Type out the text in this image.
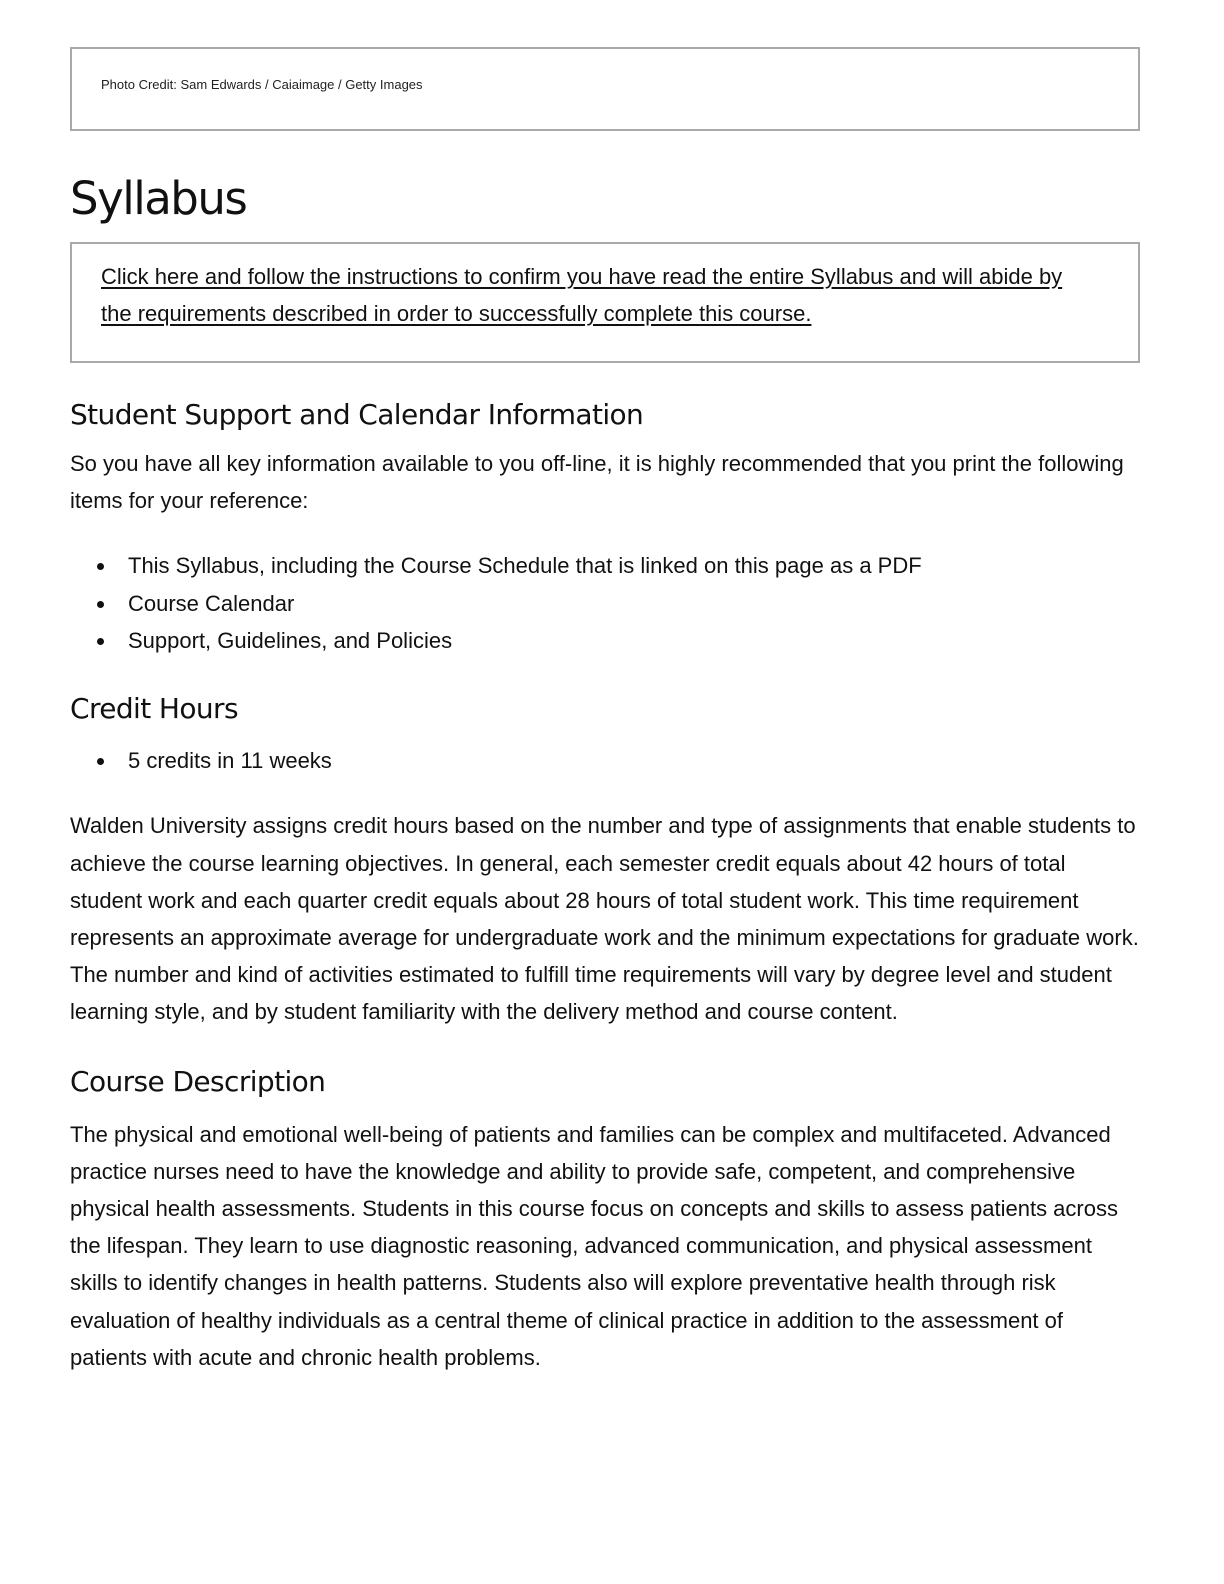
Photo Credit: Sam Edwards / Caiaimage / Getty Images
Syllabus
Click here and follow the instructions to confirm you have read the entire Syllabus and will abide by the requirements described in order to successfully complete this course.
Student Support and Calendar Information

So you have all key information available to you off-line, it is highly recommended that you print the following items for your reference:

This Syllabus, including the Course Schedule that is linked on this page as a PDF
Course Calendar
Support, Guidelines, and Policies
Credit Hours
5 credits in 11 weeks

Walden University assigns credit hours based on the number and type of assignments that enable students to achieve the course learning objectives. In general, each semester credit equals about 42 hours of total student work and each quarter credit equals about 28 hours of total student work. This time requirement represents an approximate average for undergraduate work and the minimum expectations for graduate work. The number and kind of activities estimated to fulfill time requirements will vary by degree level and student learning style, and by student familiarity with the delivery method and course content.

Course Description

The physical and emotional well-being of patients and families can be complex and multifaceted. Advanced practice nurses need to have the knowledge and ability to provide safe, competent, and comprehensive physical health assessments. Students in this course focus on concepts and skills to assess patients across the lifespan. They learn to use diagnostic reasoning, advanced communication, and physical assessment skills to identify changes in health patterns. Students also will explore preventative health through risk evaluation of healthy individuals as a central theme of clinical practice in addition to the assessment of patients with acute and chronic health problems.
